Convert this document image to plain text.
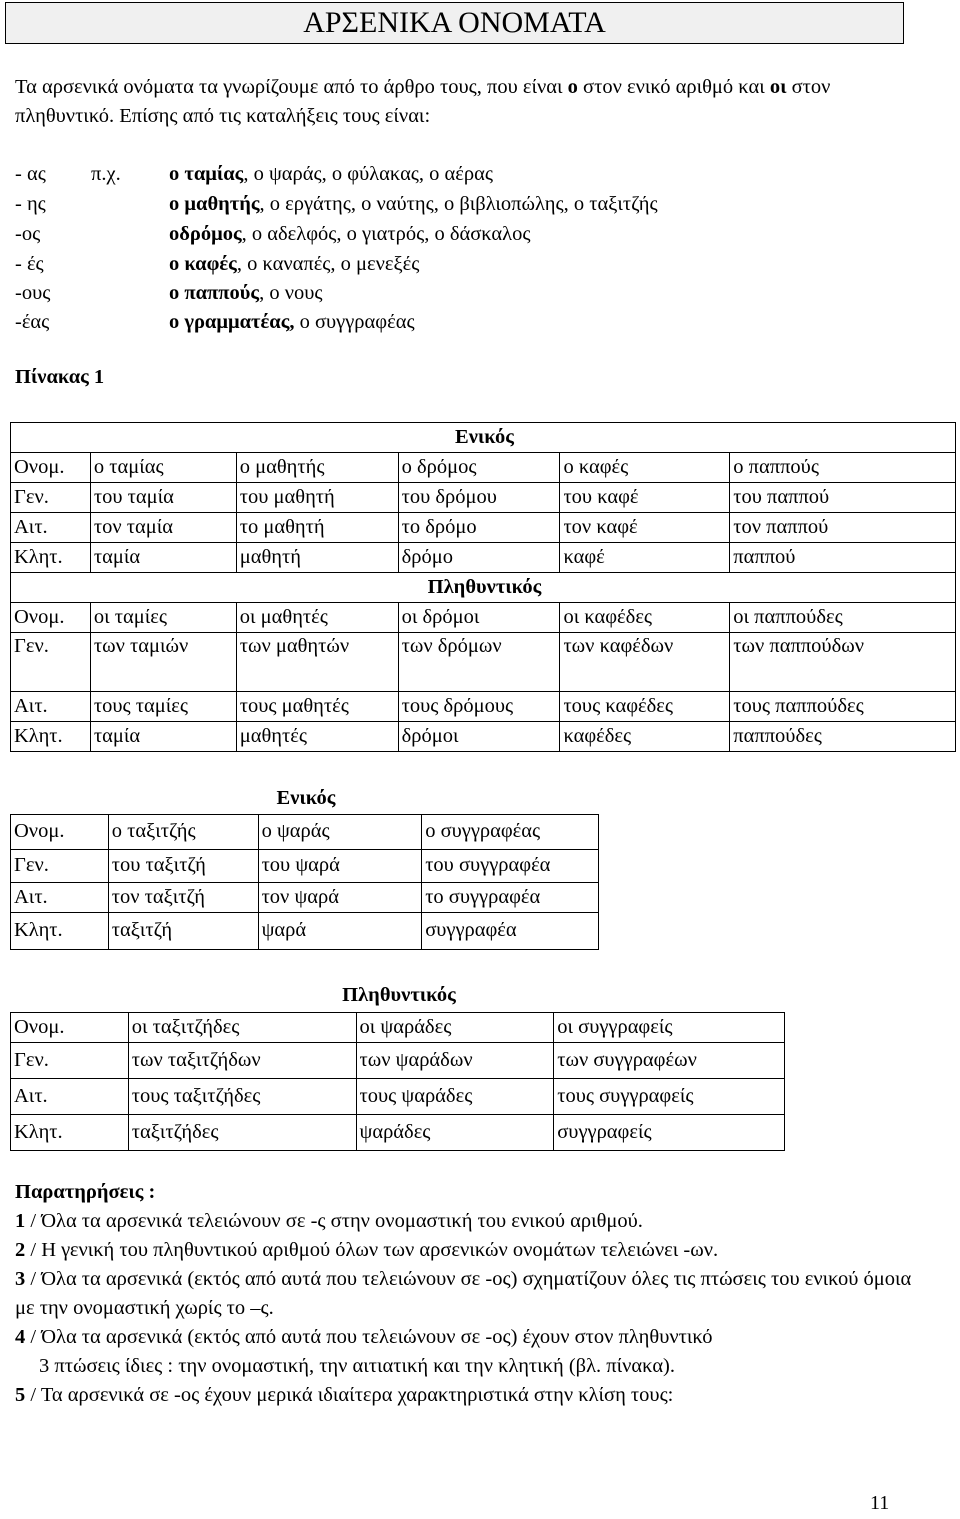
ΑΡΣΕΝΙΚΑ ΟΝΟΜΑΤΑ
Τα αρσενικά ονόματα τα γνωρίζουμε από το άρθρο τους, που είναι ο στον ενικό αριθμό και οι στον πληθυντικό. Επίσης από τις καταλήξεις τους είναι:
- ας π.χ. ο ταμίας, ο ψαράς, ο φύλακας, ο αέρας
- ης	ο μαθητής, ο εργάτης, ο ναύτης, ο βιβλιοπώλης, ο ταξιτζής
-ος	οδρόμος, ο αδελφός, ο γιατρός, ο δάσκαλος
- ές	ο καφές, ο καναπές, ο μενεξές
-ους	ο παππούς, ο νους
-έας	ο γραμματέας, ο συγγραφέας
Πίνακας 1
Ενικός					
Ονομ.	ο ταμίας	ο μαθητής	ο δρόμος	ο καφές	ο παππούς
Γεν.	του ταμία	του μαθητή	του δρόμου	του καφέ	του παππού
Αιτ.	τον ταμία	το μαθητή	το δρόμο	τον καφέ	τον παππού
Κλητ.	ταμία	μαθητή	δρόμο	καφέ	παππού
Πληθυντικός					
Ονομ.	οι ταμίες	οι μαθητές	οι δρόμοι	οι καφέδες	οι παππούδες
Γεν.	των ταμιών	των μαθητών	των δρόμων	των καφέδων	των παππούδων
Αιτ.	τους ταμίες	τους μαθητές	τους δρόμους	τους καφέδες	τους παππούδες
Κλητ.	ταμία	μαθητές	δρόμοι	καφέδες	παππούδες
Ενικός			
Ονομ.	ο ταξιτζής	ο ψαράς	ο συγγραφέας
Γεν.	του ταξιτζή	του ψαρά	του συγγραφέα
Αιτ.	τον ταξιτζή	τον ψαρά	το συγγραφέα
Κλητ.	ταξιτζή	ψαρά	συγγραφέα
Πληθυντικός			
Ονομ.	οι ταξιτζήδες	οι ψαράδες	οι συγγραφείς
Γεν.	των ταξιτζήδων	των ψαράδων	των συγγραφέων
Αιτ.	τους ταξιτζήδες	τους ψαράδες	τους συγγραφείς
Κλητ.	ταξιτζήδες	ψαράδες	συγγραφείς
Παρατηρήσεις :
1 / Όλα τα αρσενικά τελειώνουν σε -ς στην ονομαστική του ενικού αριθμού.
2 / Η γενική του πληθυντικού αριθμού όλων των αρσενικών ονομάτων τελειώνει -ων.
3 / Όλα τα αρσενικά (εκτός από αυτά που τελειώνουν σε -ος) σχηματίζουν όλες τις πτώσεις του ενικού όμοια με την ονομαστική χωρίς το –ς.
4 / Όλα τα αρσενικά (εκτός από αυτά που τελειώνουν σε -ος) έχουν στον πληθυντικό
3 πτώσεις ίδιες : την ονομαστική, την αιτιατική και την κλητική (βλ. πίνακα).
5 / Τα αρσενικά σε -ος έχουν μερικά ιδιαίτερα χαρακτηριστικά στην κλίση τους:
11
